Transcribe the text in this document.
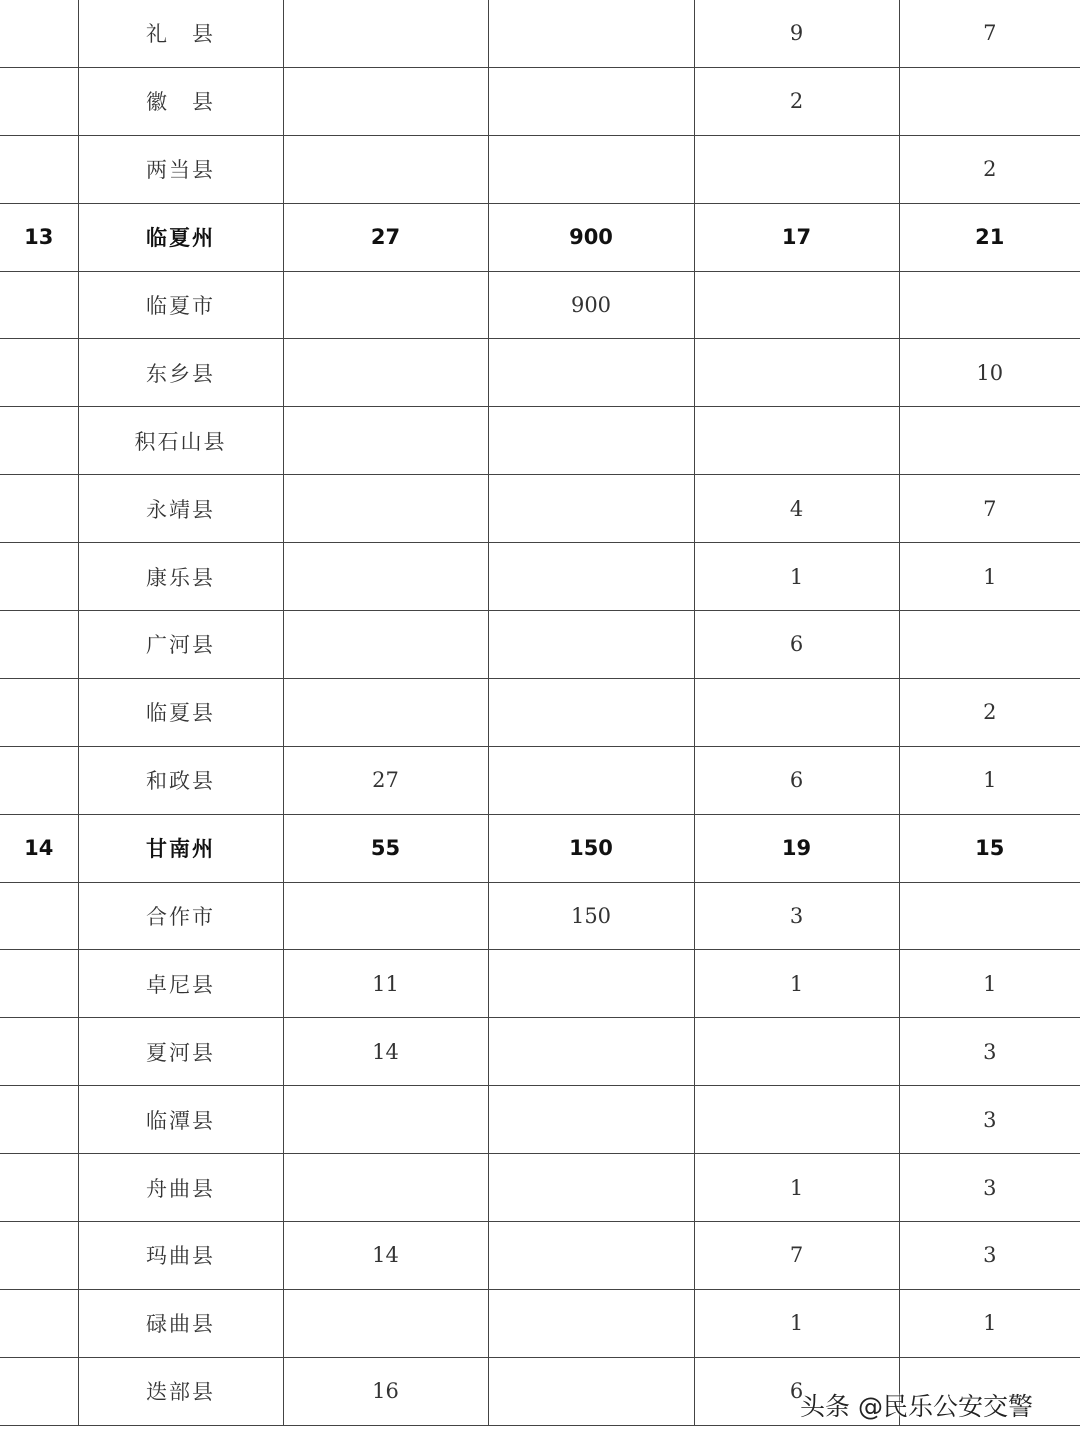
	礼　县			9	7
	徽　县			2	
	两当县				2
13	临夏州	27	900	17	21
	临夏市		900		
	东乡县				10
	积石山县				
	永靖县			4	7
	康乐县			1	1
	广河县			6	
	临夏县				2
	和政县	27		6	1
14	甘南州	55	150	19	15
	合作市		150	3	
	卓尼县	11		1	1
	夏河县	14			3
	临潭县				3
	舟曲县			1	3
	玛曲县	14		7	3
	碌曲县			1	1
	迭部县	16		6	
头条 @民乐公安交警
